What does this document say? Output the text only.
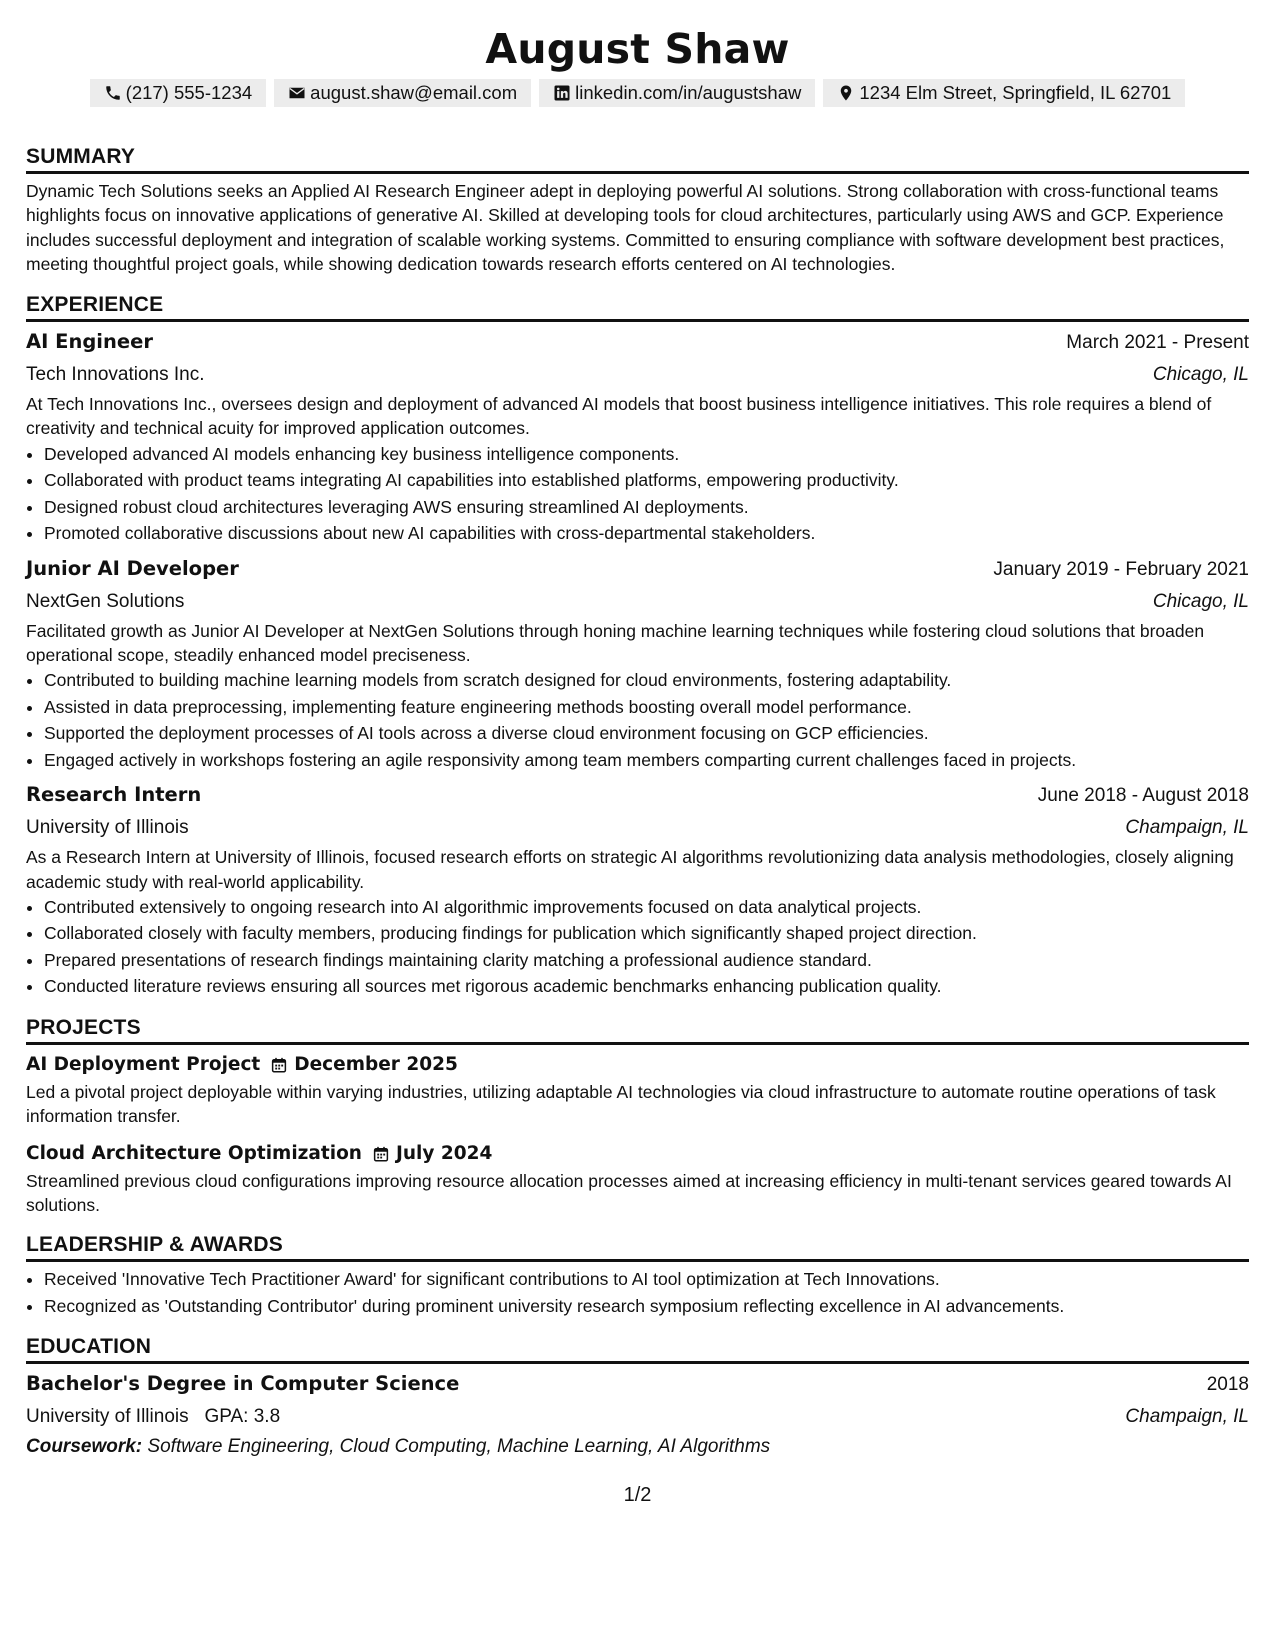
August Shaw
(217) 555-1234	august.shaw@email.com	linkedin.com/in/augustshaw	1234 Elm Street, Springfield, IL 62701
SUMMARY

Dynamic Tech Solutions seeks an Applied AI Research Engineer adept in deploying powerful AI solutions. Strong collaboration with cross-functional teams highlights focus on innovative applications of generative AI. Skilled at developing tools for cloud architectures, particularly using AWS and GCP. Experience includes successful deployment and integration of scalable working systems. Committed to ensuring compliance with software development best practices, meeting thoughtful project goals, while showing dedication towards research efforts centered on AI technologies.

EXPERIENCE
AI Engineer	March 2021 - Present
Tech Innovations Inc.	Chicago, IL

At Tech Innovations Inc., oversees design and deployment of advanced AI models that boost business intelligence initiatives. This role requires a blend of creativity and technical acuity for improved application outcomes.

• Developed advanced AI models enhancing key business intelligence components.
• Collaborated with product teams integrating AI capabilities into established platforms, empowering productivity.
• Designed robust cloud architectures leveraging AWS ensuring streamlined AI deployments.
• Promoted collaborative discussions about new AI capabilities with cross-departmental stakeholders.
Junior AI Developer	January 2019 - February 2021
NextGen Solutions	Chicago, IL

Facilitated growth as Junior AI Developer at NextGen Solutions through honing machine learning techniques while fostering cloud solutions that broaden operational scope, steadily enhanced model preciseness.

• Contributed to building machine learning models from scratch designed for cloud environments, fostering adaptability.
• Assisted in data preprocessing, implementing feature engineering methods boosting overall model performance.
• Supported the deployment processes of AI tools across a diverse cloud environment focusing on GCP efficiencies.
• Engaged actively in workshops fostering an agile responsivity among team members comparting current challenges faced in projects.
Research Intern	June 2018 - August 2018
University of Illinois	Champaign, IL

As a Research Intern at University of Illinois, focused research efforts on strategic AI algorithms revolutionizing data analysis methodologies, closely aligning academic study with real-world applicability.

• Contributed extensively to ongoing research into AI algorithmic improvements focused on data analytical projects.
• Collaborated closely with faculty members, producing findings for publication which significantly shaped project direction.
• Prepared presentations of research findings maintaining clarity matching a professional audience standard.
• Conducted literature reviews ensuring all sources met rigorous academic benchmarks enhancing publication quality.
PROJECTS
AI Deployment Project December 2025

Led a pivotal project deployable within varying industries, utilizing adaptable AI technologies via cloud infrastructure to automate routine operations of task information transfer.

Cloud Architecture Optimization July 2024

Streamlined previous cloud configurations improving resource allocation processes aimed at increasing efficiency in multi-tenant services geared towards AI solutions.

LEADERSHIP & AWARDS
• Received 'Innovative Tech Practitioner Award' for significant contributions to AI tool optimization at Tech Innovations.
• Recognized as 'Outstanding Contributor' during prominent university research symposium reflecting excellence in AI advancements.
EDUCATION
Bachelor's Degree in Computer Science	2018
University of Illinois GPA: 3.8	Champaign, IL
Coursework: Software Engineering, Cloud Computing, Machine Learning, AI Algorithms
1/2
